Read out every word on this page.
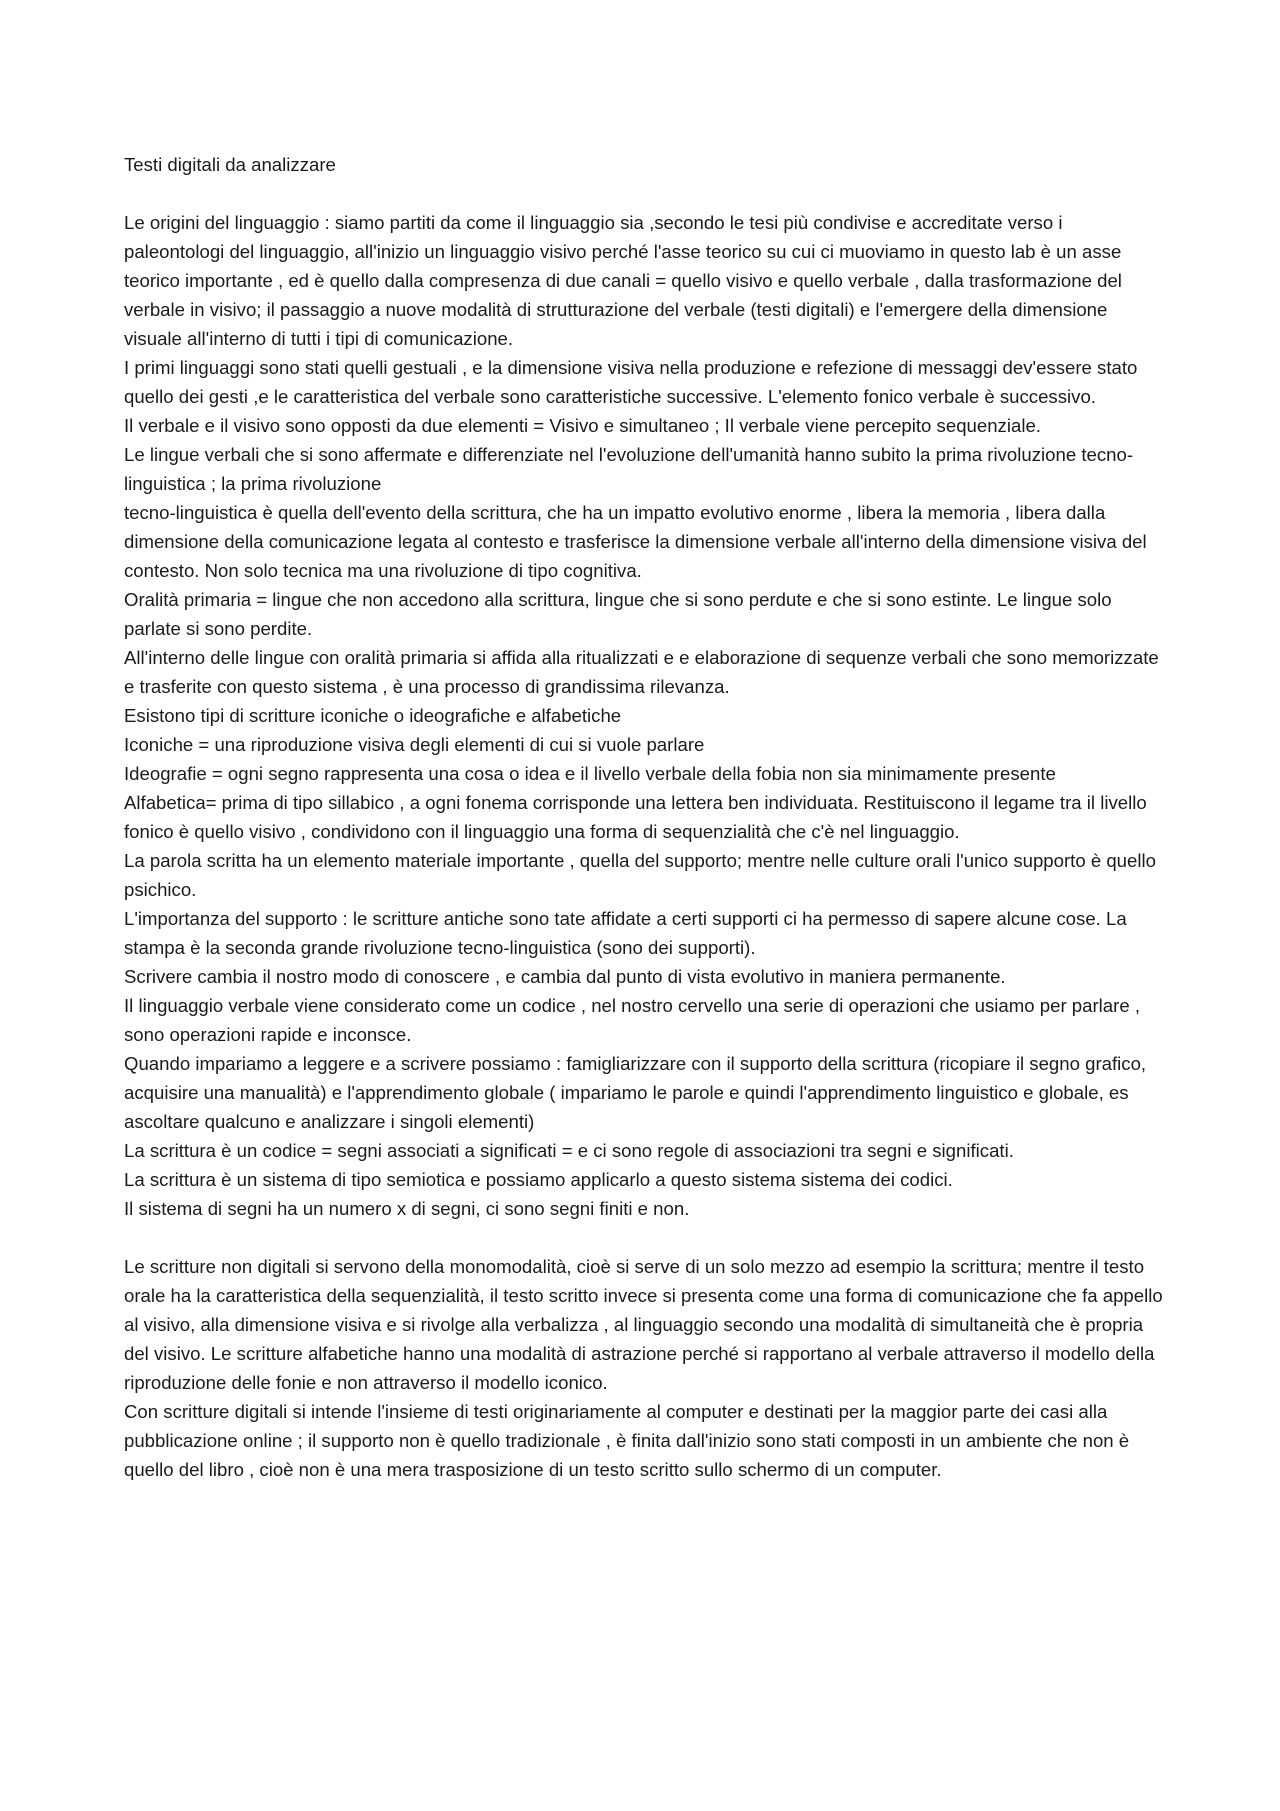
Testi digitali da analizzare

Le origini del linguaggio : siamo partiti da come il linguaggio sia ,secondo le tesi più condivise e accreditate verso i paleontologi del linguaggio, all'inizio un linguaggio visivo perché l'asse teorico su cui ci muoviamo in questo lab è un asse teorico importante , ed è quello dalla compresenza di due canali = quello visivo e quello verbale , dalla trasformazione del verbale in visivo; il passaggio a nuove modalità di strutturazione del verbale (testi digitali) e l'emergere della dimensione visuale all'interno di tutti i tipi di comunicazione.

I primi linguaggi sono stati quelli gestuali , e la dimensione visiva nella produzione e refezione di messaggi dev'essere stato quello dei gesti ,e le caratteristica del verbale sono caratteristiche successive. L'elemento fonico verbale è successivo.

Il verbale e il visivo sono opposti da due elementi = Visivo e simultaneo ; Il verbale viene percepito sequenziale.

Le lingue verbali che si sono affermate e differenziate nel l'evoluzione dell'umanità hanno subito la prima rivoluzione tecno-linguistica ; la prima rivoluzione

tecno-linguistica è quella dell'evento della scrittura, che ha un impatto evolutivo enorme , libera la memoria , libera dalla dimensione della comunicazione legata al contesto e trasferisce la dimensione verbale all'interno della dimensione visiva del contesto. Non solo tecnica ma una rivoluzione di tipo cognitiva.

Oralità primaria = lingue che non accedono alla scrittura, lingue che si sono perdute e che si sono estinte. Le lingue solo parlate si sono perdite.

All'interno delle lingue con oralità primaria si affida alla ritualizzati e e elaborazione di sequenze verbali che sono memorizzate e trasferite con questo sistema , è una processo di grandissima rilevanza.

Esistono tipi di scritture iconiche o ideografiche e alfabetiche

Iconiche = una riproduzione visiva degli elementi di cui si vuole parlare

Ideografie = ogni segno rappresenta una cosa o idea e il livello verbale della fobia non sia minimamente presente

Alfabetica= prima di tipo sillabico , a ogni fonema corrisponde una lettera ben individuata. Restituiscono il legame tra il livello fonico è quello visivo , condividono con il linguaggio una forma di sequenzialità che c'è nel linguaggio.

La parola scritta ha un elemento materiale importante , quella del supporto; mentre nelle culture orali l'unico supporto è quello psichico.

L'importanza del supporto : le scritture antiche sono tate affidate a certi supporti ci ha permesso di sapere alcune cose. La stampa è la seconda grande rivoluzione tecno-linguistica (sono dei supporti).

Scrivere cambia il nostro modo di conoscere , e cambia dal punto di vista evolutivo in maniera permanente.

Il linguaggio verbale viene considerato come un codice , nel nostro cervello una serie di operazioni che usiamo per parlare , sono operazioni rapide e inconsce.

Quando impariamo a leggere e a scrivere possiamo : famigliarizzare con il supporto della scrittura (ricopiare il segno grafico, acquisire una manualità) e l'apprendimento globale ( impariamo le parole e quindi l'apprendimento linguistico e globale, es ascoltare qualcuno e analizzare i singoli elementi)

La scrittura è un codice = segni associati a significati = e ci sono regole di associazioni tra segni e significati.

La scrittura è un sistema di tipo semiotica e possiamo applicarlo a questo sistema sistema dei codici.

Il sistema di segni ha un numero x di segni, ci sono segni finiti e non.

Le scritture non digitali si servono della monomodalità, cioè si serve di un solo mezzo ad esempio la scrittura; mentre il testo orale ha la caratteristica della sequenzialità, il testo scritto invece si presenta come una forma di comunicazione che fa appello al visivo, alla dimensione visiva e si rivolge alla verbalizza , al linguaggio secondo una modalità di simultaneità che è propria del visivo. Le scritture alfabetiche hanno una modalità di astrazione perché si rapportano al verbale attraverso il modello della riproduzione delle fonie e non attraverso il modello iconico.

Con scritture digitali si intende l'insieme di testi originariamente al computer e destinati per la maggior parte dei casi alla pubblicazione online ; il supporto non è quello tradizionale , è finita dall'inizio sono stati composti in un ambiente che non è quello del libro , cioè non è una mera trasposizione di un testo scritto sullo schermo di un computer.
